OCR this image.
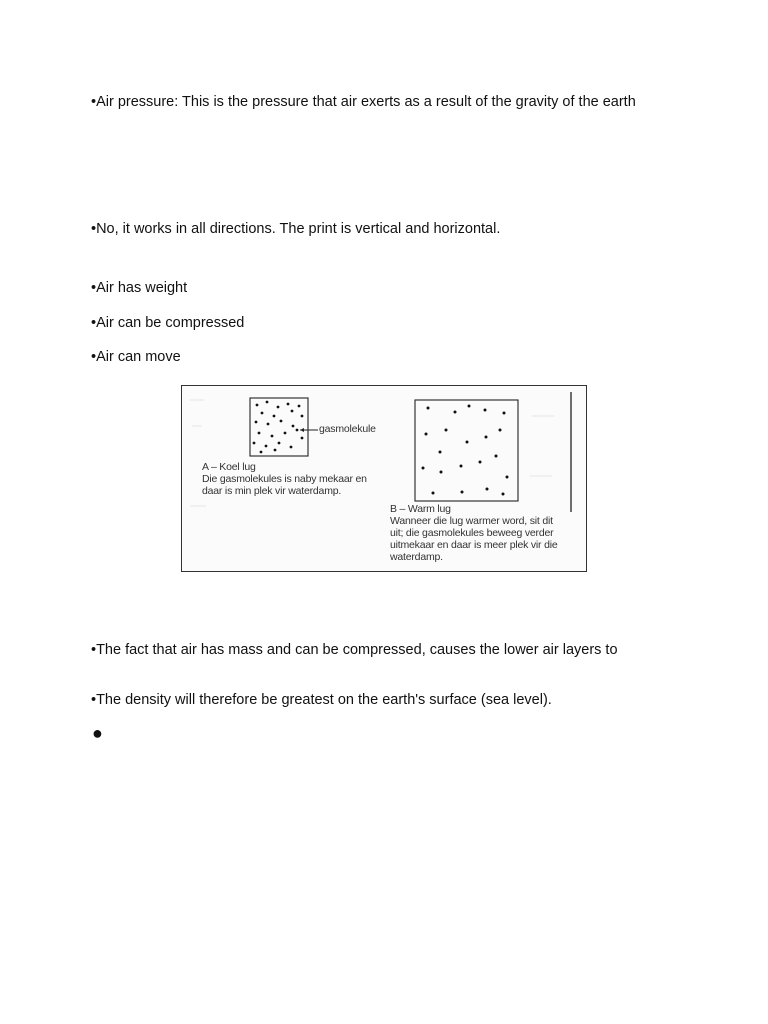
•Air pressure: This is the pressure that air exerts as a result of the gravity of the earth
•No, it works in all directions. The print is vertical and horizontal.
•Air has weight
•Air can be compressed
•Air can move
gasmolekule
A – Koel lug
Die gasmolekules is naby mekaar en
daar is min plek vir waterdamp.
B – Warm lug
Wanneer die lug warmer word, sit dit
uit; die gasmolekules beweeg verder
uitmekaar en daar is meer plek vir die
waterdamp.
•The fact that air has mass and can be compressed, causes the lower air layers to
•The density will therefore be greatest on the earth's surface (sea level).
●
